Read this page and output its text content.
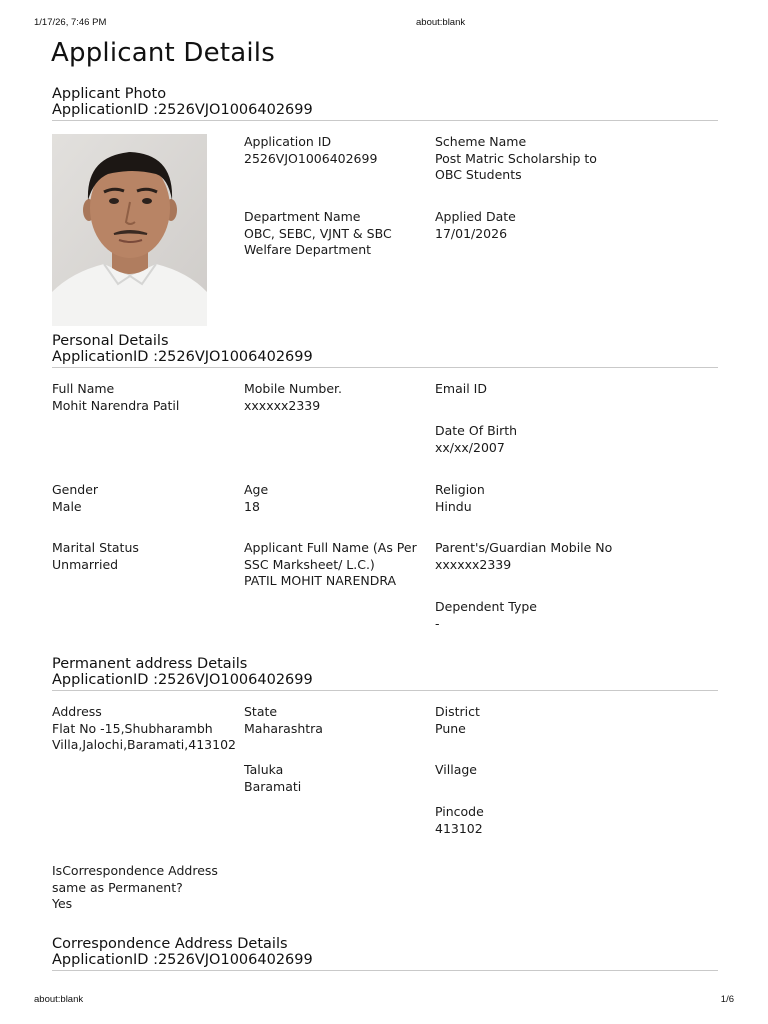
1/17/26, 7:46 PM	about:blank
Applicant Details
Applicant Photo
ApplicationID :2526VJO1006402699
Application ID
2526VJO1006402699
Scheme Name
Post Matric Scholarship to OBC Students
Department Name
OBC, SEBC, VJNT & SBC Welfare Department
Applied Date
17/01/2026
Personal Details
ApplicationID :2526VJO1006402699
Full Name
Mohit Narendra Patil
Mobile Number.
xxxxxx2339
Email ID
Date Of Birth
xx/xx/2007
Gender
Male
Age
18
Religion
Hindu
Marital Status
Unmarried
Applicant Full Name (As Per SSC Marksheet/ L.C.)
PATIL MOHIT NARENDRA
Parent's/Guardian Mobile No
xxxxxx2339
Dependent Type
-
Permanent address Details
ApplicationID :2526VJO1006402699
Address
Flat No -15,Shubharambh Villa,Jalochi,Baramati,413102
State
Maharashtra
District
Pune
Taluka
Baramati
Village
Pincode
413102
IsCorrespondence Address same as Permanent?
Yes
Correspondence Address Details
ApplicationID :2526VJO1006402699
about:blank	1/6
